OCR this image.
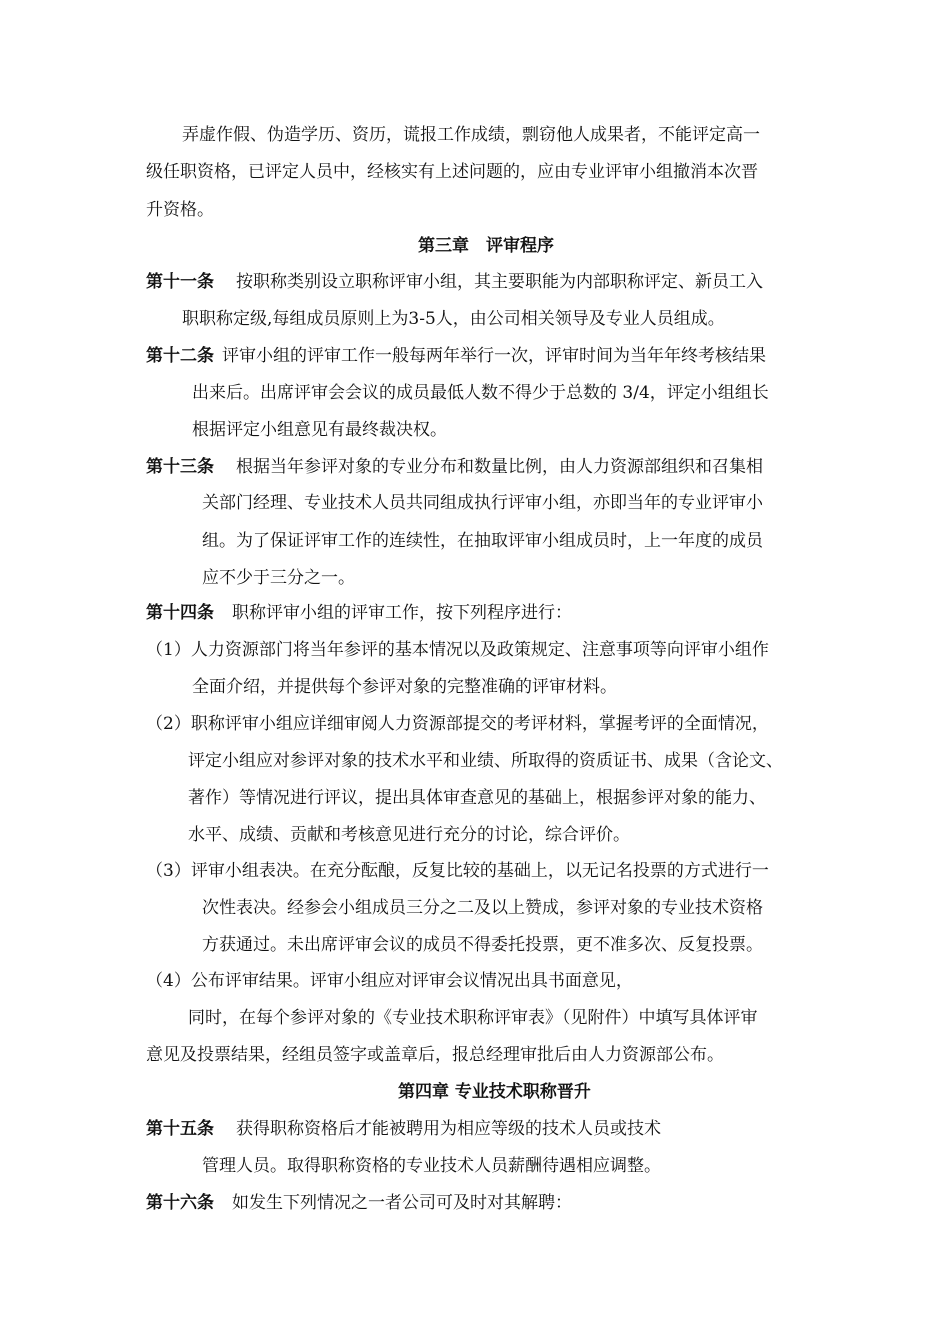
弄虚作假、伪造学历、资历，谎报工作成绩，剽窃他人成果者，不能评定高一
级任职资格，已评定人员中，经核实有上述问题的，应由专业评审小组撤消本次晋
升资格。
第三章　评审程序
第十一条 按职称类别设立职称评审小组，其主要职能为内部职称评定、新员工入
职职称定级,每组成员原则上为3-5人，由公司相关领导及专业人员组成。
第十二条 评审小组的评审工作一般每两年举行一次，评审时间为当年年终考核结果
出来后。出席评审会会议的成员最低人数不得少于总数的 3/4，评定小组组长
根据评定小组意见有最终裁决权。
第十三条 根据当年参评对象的专业分布和数量比例，由人力资源部组织和召集相
关部门经理、专业技术人员共同组成执行评审小组，亦即当年的专业评审小
组。为了保证评审工作的连续性，在抽取评审小组成员时，上一年度的成员
应不少于三分之一。
第十四条 职称评审小组的评审工作，按下列程序进行：
（1）人力资源部门将当年参评的基本情况以及政策规定、注意事项等向评审小组作
全面介绍，并提供每个参评对象的完整准确的评审材料。
（2）职称评审小组应详细审阅人力资源部提交的考评材料，掌握考评的全面情况，
评定小组应对参评对象的技术水平和业绩、所取得的资质证书、成果（含论文、
著作）等情况进行评议，提出具体审查意见的基础上，根据参评对象的能力、
水平、成绩、贡献和考核意见进行充分的讨论，综合评价。
（3）评审小组表决。在充分酝酿，反复比较的基础上，以无记名投票的方式进行一
次性表决。经参会小组成员三分之二及以上赞成，参评对象的专业技术资格
方获通过。未出席评审会议的成员不得委托投票，更不准多次、反复投票。
（4）公布评审结果。评审小组应对评审会议情况出具书面意见，
同时，在每个参评对象的《专业技术职称评审表》（见附件）中填写具体评审
意见及投票结果，经组员签字或盖章后，报总经理审批后由人力资源部公布。
第四章 专业技术职称晋升
第十五条 获得职称资格后才能被聘用为相应等级的技术人员或技术
管理人员。取得职称资格的专业技术人员薪酬待遇相应调整。
第十六条 如发生下列情况之一者公司可及时对其解聘：
